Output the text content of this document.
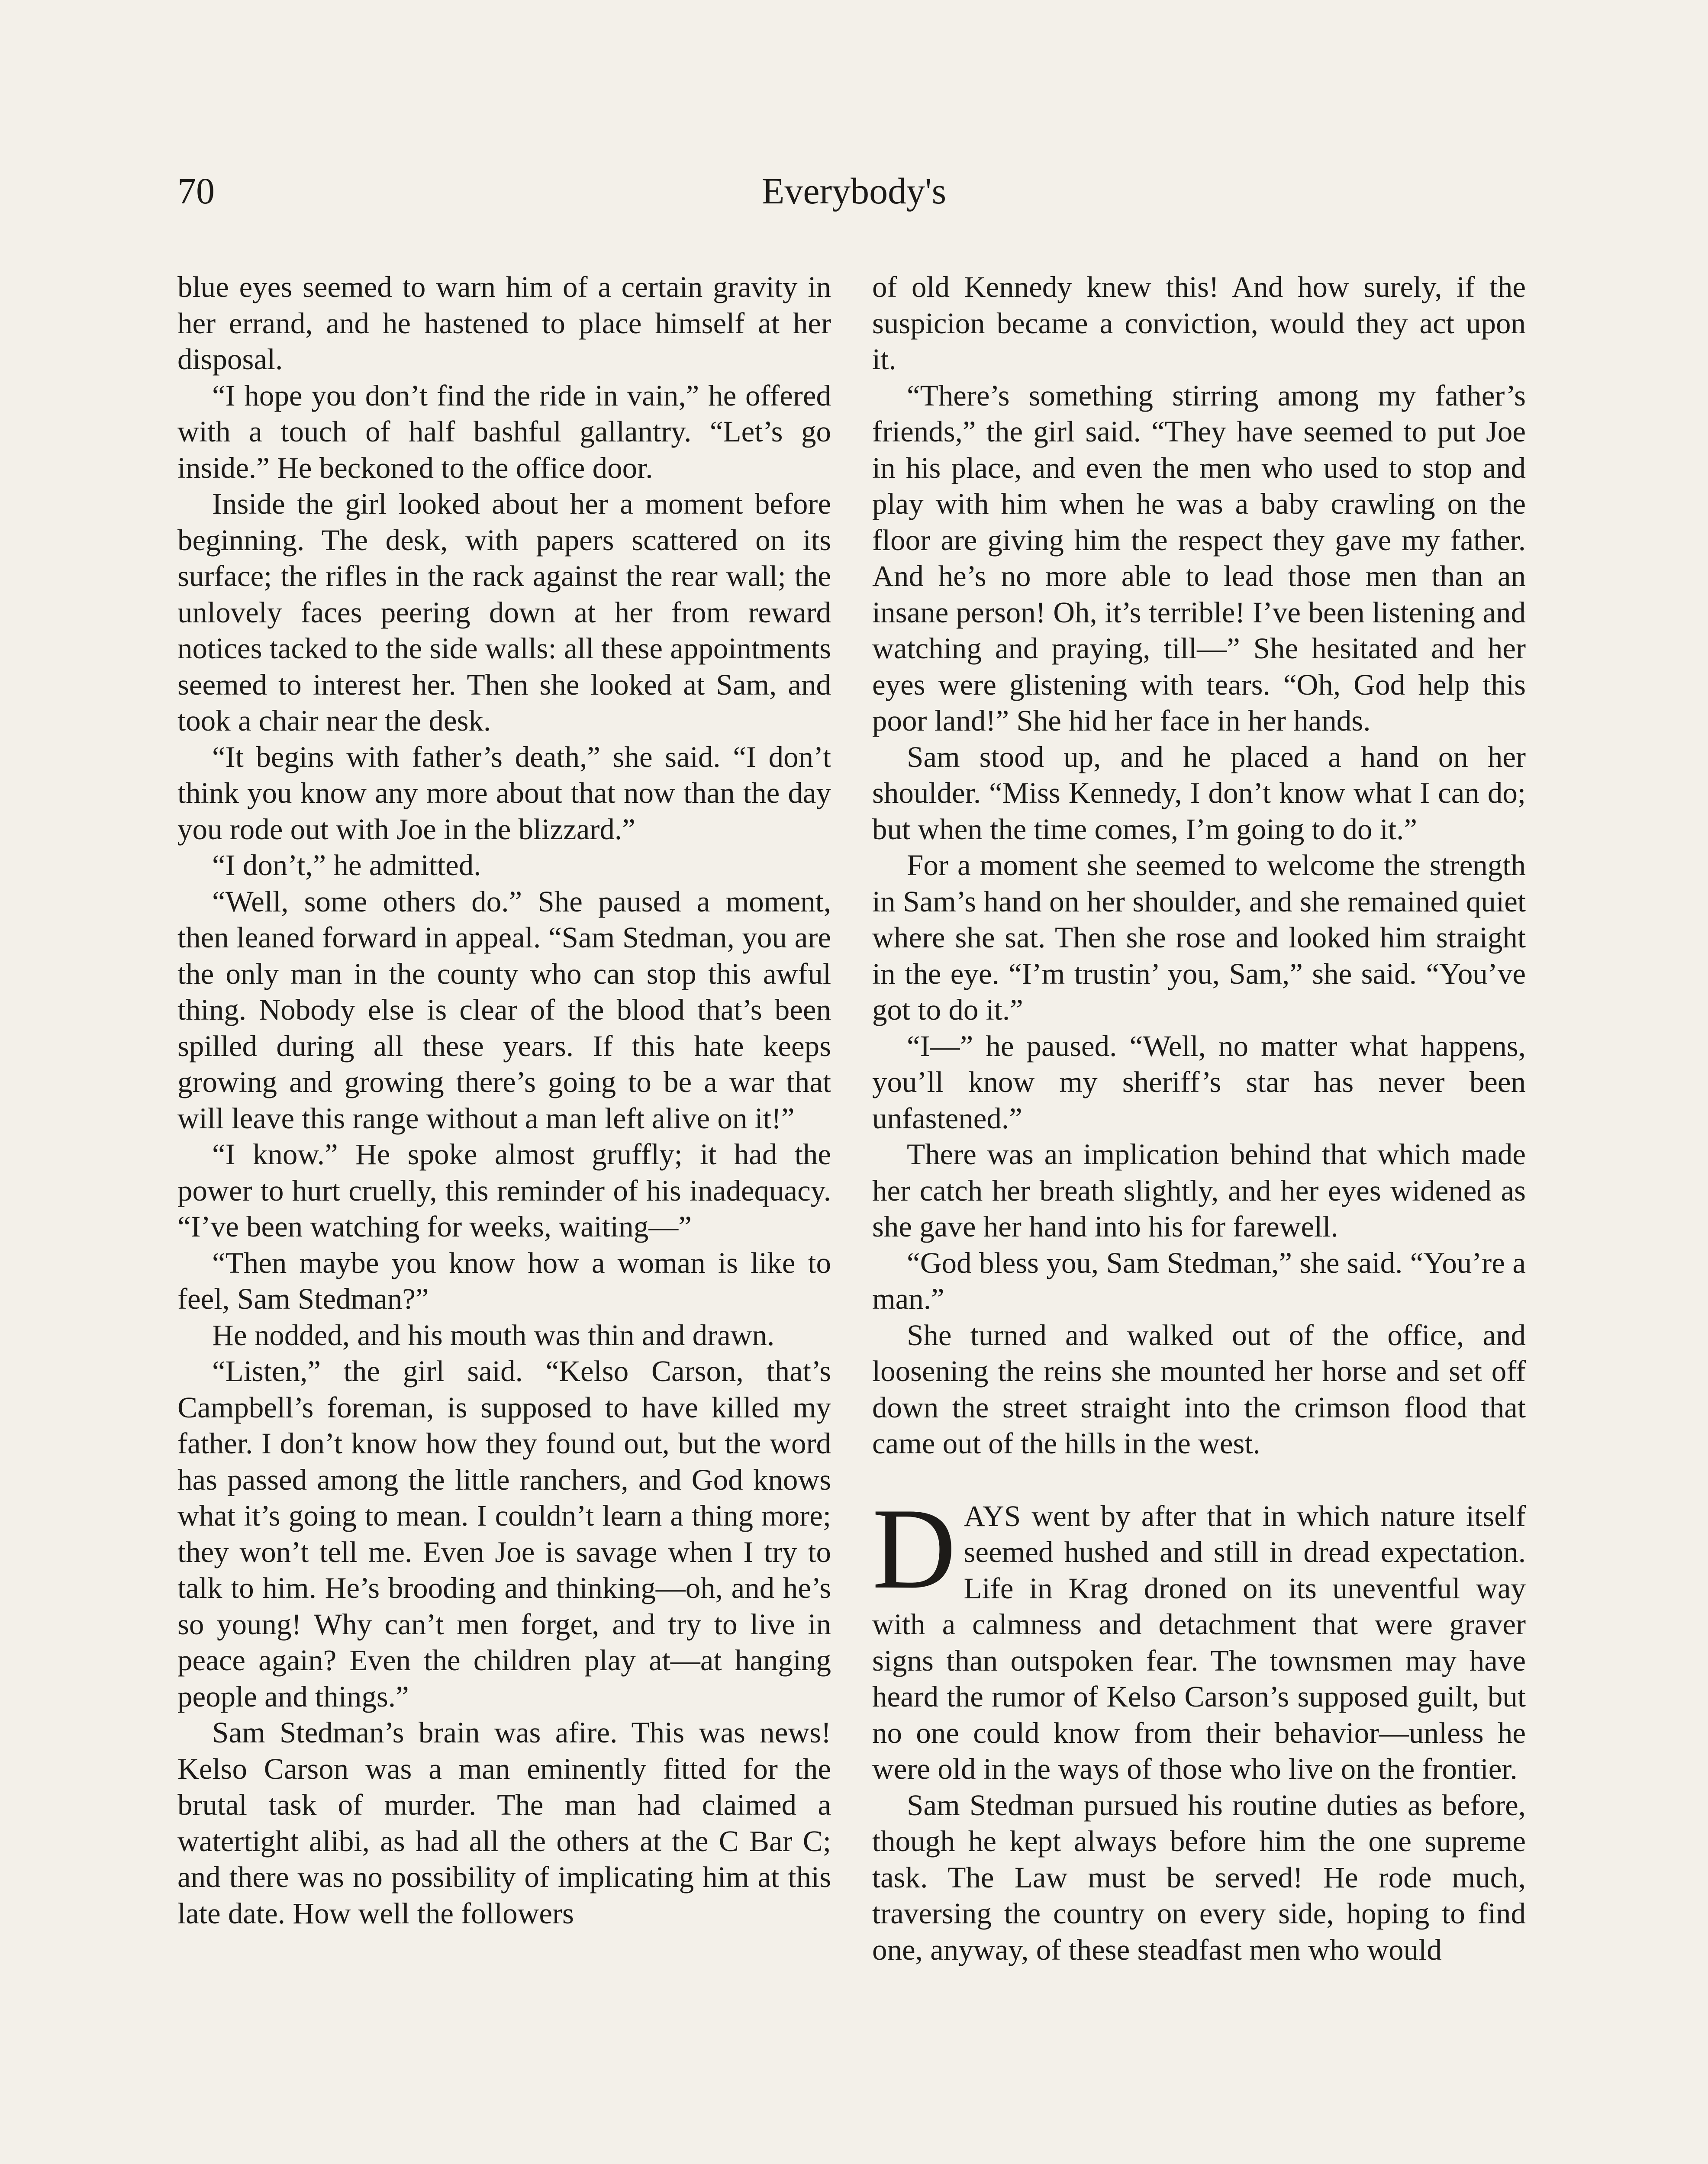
70	Everybody's

blue eyes seemed to warn him of a certain gravity in her errand, and he hastened to place himself at her disposal.

“I hope you don’t find the ride in vain,” he offered with a touch of half bashful gallantry. “Let’s go inside.” He beckoned to the office door.

Inside the girl looked about her a moment before beginning. The desk, with papers scattered on its surface; the rifles in the rack against the rear wall; the unlovely faces peering down at her from reward notices tacked to the side walls: all these appointments seemed to interest her. Then she looked at Sam, and took a chair near the desk.

“It begins with father’s death,” she said. “I don’t think you know any more about that now than the day you rode out with Joe in the blizzard.”

“I don’t,” he admitted.

“Well, some others do.” She paused a moment, then leaned forward in appeal. “Sam Stedman, you are the only man in the county who can stop this awful thing. Nobody else is clear of the blood that’s been spilled during all these years. If this hate keeps growing and growing there’s going to be a war that will leave this range without a man left alive on it!”

“I know.” He spoke almost gruffly; it had the power to hurt cruelly, this reminder of his inadequacy. “I’ve been watching for weeks, waiting—”

“Then maybe you know how a woman is like to feel, Sam Stedman?”

He nodded, and his mouth was thin and drawn.

“Listen,” the girl said. “Kelso Carson, that’s Campbell’s foreman, is supposed to have killed my father. I don’t know how they found out, but the word has passed among the little ranchers, and God knows what it’s going to mean. I couldn’t learn a thing more; they won’t tell me. Even Joe is savage when I try to talk to him. He’s brooding and thinking—oh, and he’s so young! Why can’t men forget, and try to live in peace again? Even the children play at—at hanging people and things.”

Sam Stedman’s brain was afire. This was news! Kelso Carson was a man eminently fitted for the brutal task of murder. The man had claimed a watertight alibi, as had all the others at the C Bar C; and there was no possibility of implicating him at this late date. How well the followers

of old Kennedy knew this! And how surely, if the suspicion became a conviction, would they act upon it.

“There’s something stirring among my father’s friends,” the girl said. “They have seemed to put Joe in his place, and even the men who used to stop and play with him when he was a baby crawling on the floor are giving him the respect they gave my father. And he’s no more able to lead those men than an insane person! Oh, it’s terrible! I’ve been listening and watching and praying, till—” She hesitated and her eyes were glistening with tears. “Oh, God help this poor land!” She hid her face in her hands.

Sam stood up, and he placed a hand on her shoulder. “Miss Kennedy, I don’t know what I can do; but when the time comes, I’m going to do it.”

For a moment she seemed to welcome the strength in Sam’s hand on her shoulder, and she remained quiet where she sat. Then she rose and looked him straight in the eye. “I’m trustin’ you, Sam,” she said. “You’ve got to do it.”

“I—” he paused. “Well, no matter what happens, you’ll know my sheriff’s star has never been unfastened.”

There was an implication behind that which made her catch her breath slightly, and her eyes widened as she gave her hand into his for farewell.

“God bless you, Sam Stedman,” she said. “You’re a man.”

She turned and walked out of the office, and loosening the reins she mounted her horse and set off down the street straight into the crimson flood that came out of the hills in the west.

DAYS went by after that in which nature itself seemed hushed and still in dread expectation. Life in Krag droned on its uneventful way with a calmness and detachment that were graver signs than outspoken fear. The townsmen may have heard the rumor of Kelso Carson’s supposed guilt, but no one could know from their behavior—unless he were old in the ways of those who live on the frontier.

Sam Stedman pursued his routine duties as before, though he kept always before him the one supreme task. The Law must be served! He rode much, traversing the country on every side, hoping to find one, anyway, of these steadfast men who would
